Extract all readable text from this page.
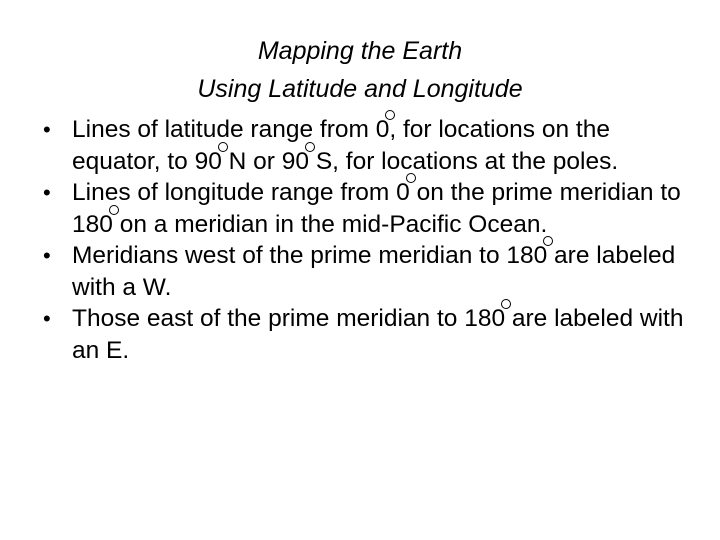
Mapping the Earth
Using Latitude and Longitude
• Lines of latitude range from 0, for locations on the equator, to 90 N or 90 S, for locations at the poles.
• Lines of longitude range from 0 on the prime meridian to 180 on a meridian in the mid-Pacific Ocean.
• Meridians west of the prime meridian to 180 are labeled with a W.
• Those east of the prime meridian to 180 are labeled with an E.
